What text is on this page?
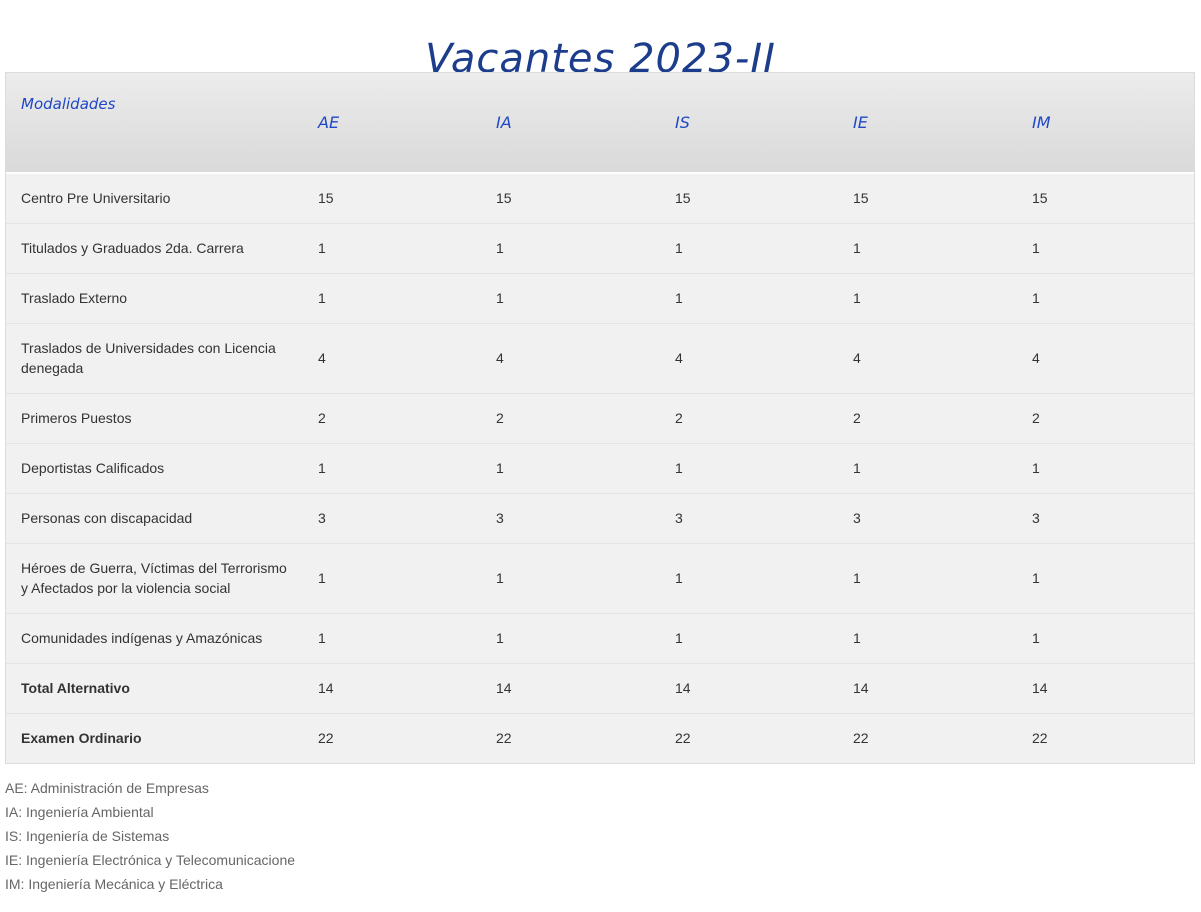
Vacantes 2023-II
Modalidades	AE	IA	IS	IE	IM
Centro Pre Universitario	15	15	15	15	15
Titulados y Graduados 2da. Carrera	1	1	1	1	1
Traslado Externo	1	1	1	1	1
Traslados de Universidades con Licencia denegada	4	4	4	4	4
Primeros Puestos	2	2	2	2	2
Deportistas Calificados	1	1	1	1	1
Personas con discapacidad	3	3	3	3	3
Héroes de Guerra, Víctimas del Terrorismo y Afectados por la violencia social	1	1	1	1	1
Comunidades indígenas y Amazónicas	1	1	1	1	1
Total Alternativo	14	14	14	14	14
Examen Ordinario	22	22	22	22	22
AE: Administración de Empresas
IA: Ingeniería Ambiental
IS: Ingeniería de Sistemas
IE: Ingeniería Electrónica y Telecomunicacione
IM: Ingeniería Mecánica y Eléctrica
